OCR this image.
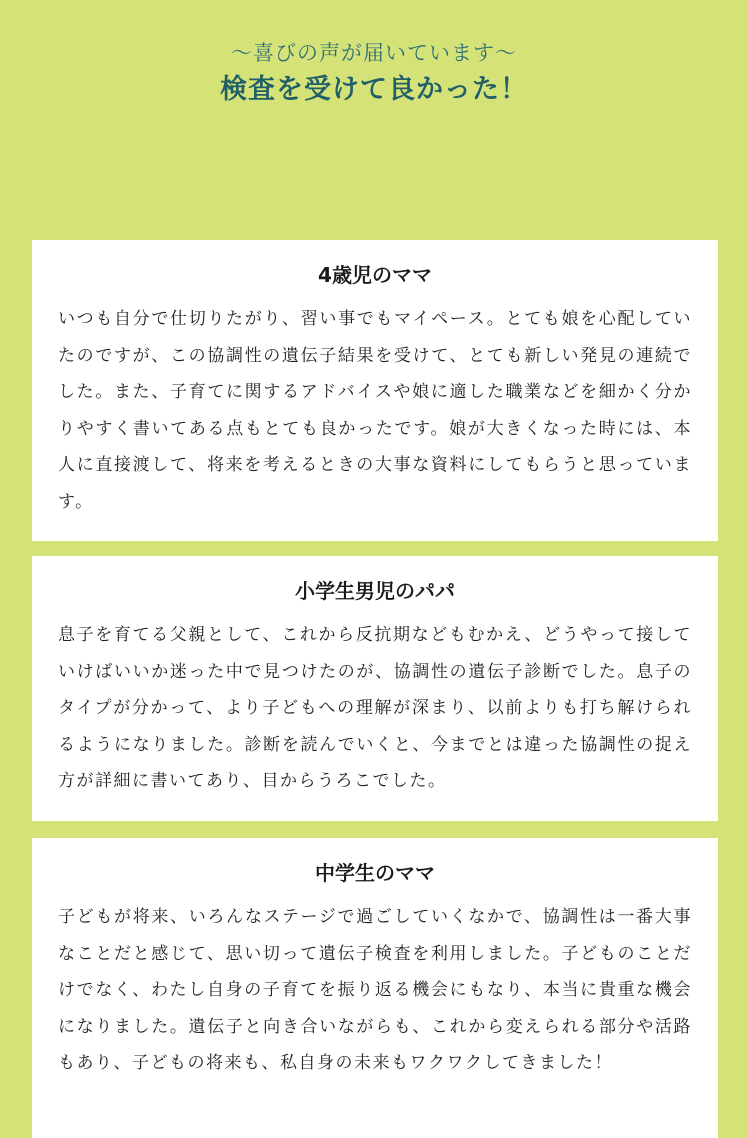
〜喜びの声が届いています〜
検査を受けて良かった！
4歳児のママ

いつも自分で仕切りたがり、習い事でもマイペース。とても娘を心配していたのですが、この協調性の遺伝子結果を受けて、とても新しい発見の連続でした。また、子育てに関するアドバイスや娘に適した職業などを細かく分かりやすく書いてある点もとても良かったです。娘が大きくなった時には、本人に直接渡して、将来を考えるときの大事な資料にしてもらうと思っています。

小学生男児のパパ

息子を育てる父親として、これから反抗期などもむかえ、どうやって接していけばいいか迷った中で見つけたのが、協調性の遺伝子診断でした。息子のタイプが分かって、より子どもへの理解が深まり、以前よりも打ち解けられるようになりました。診断を読んでいくと、今までとは違った協調性の捉え方が詳細に書いてあり、目からうろこでした。

中学生のママ

子どもが将来、いろんなステージで過ごしていくなかで、協調性は一番大事なことだと感じて、思い切って遺伝子検査を利用しました。子どものことだけでなく、わたし自身の子育てを振り返る機会にもなり、本当に貴重な機会になりました。遺伝子と向き合いながらも、これから変えられる部分や活路もあり、子どもの将来も、私自身の未来もワクワクしてきました！
